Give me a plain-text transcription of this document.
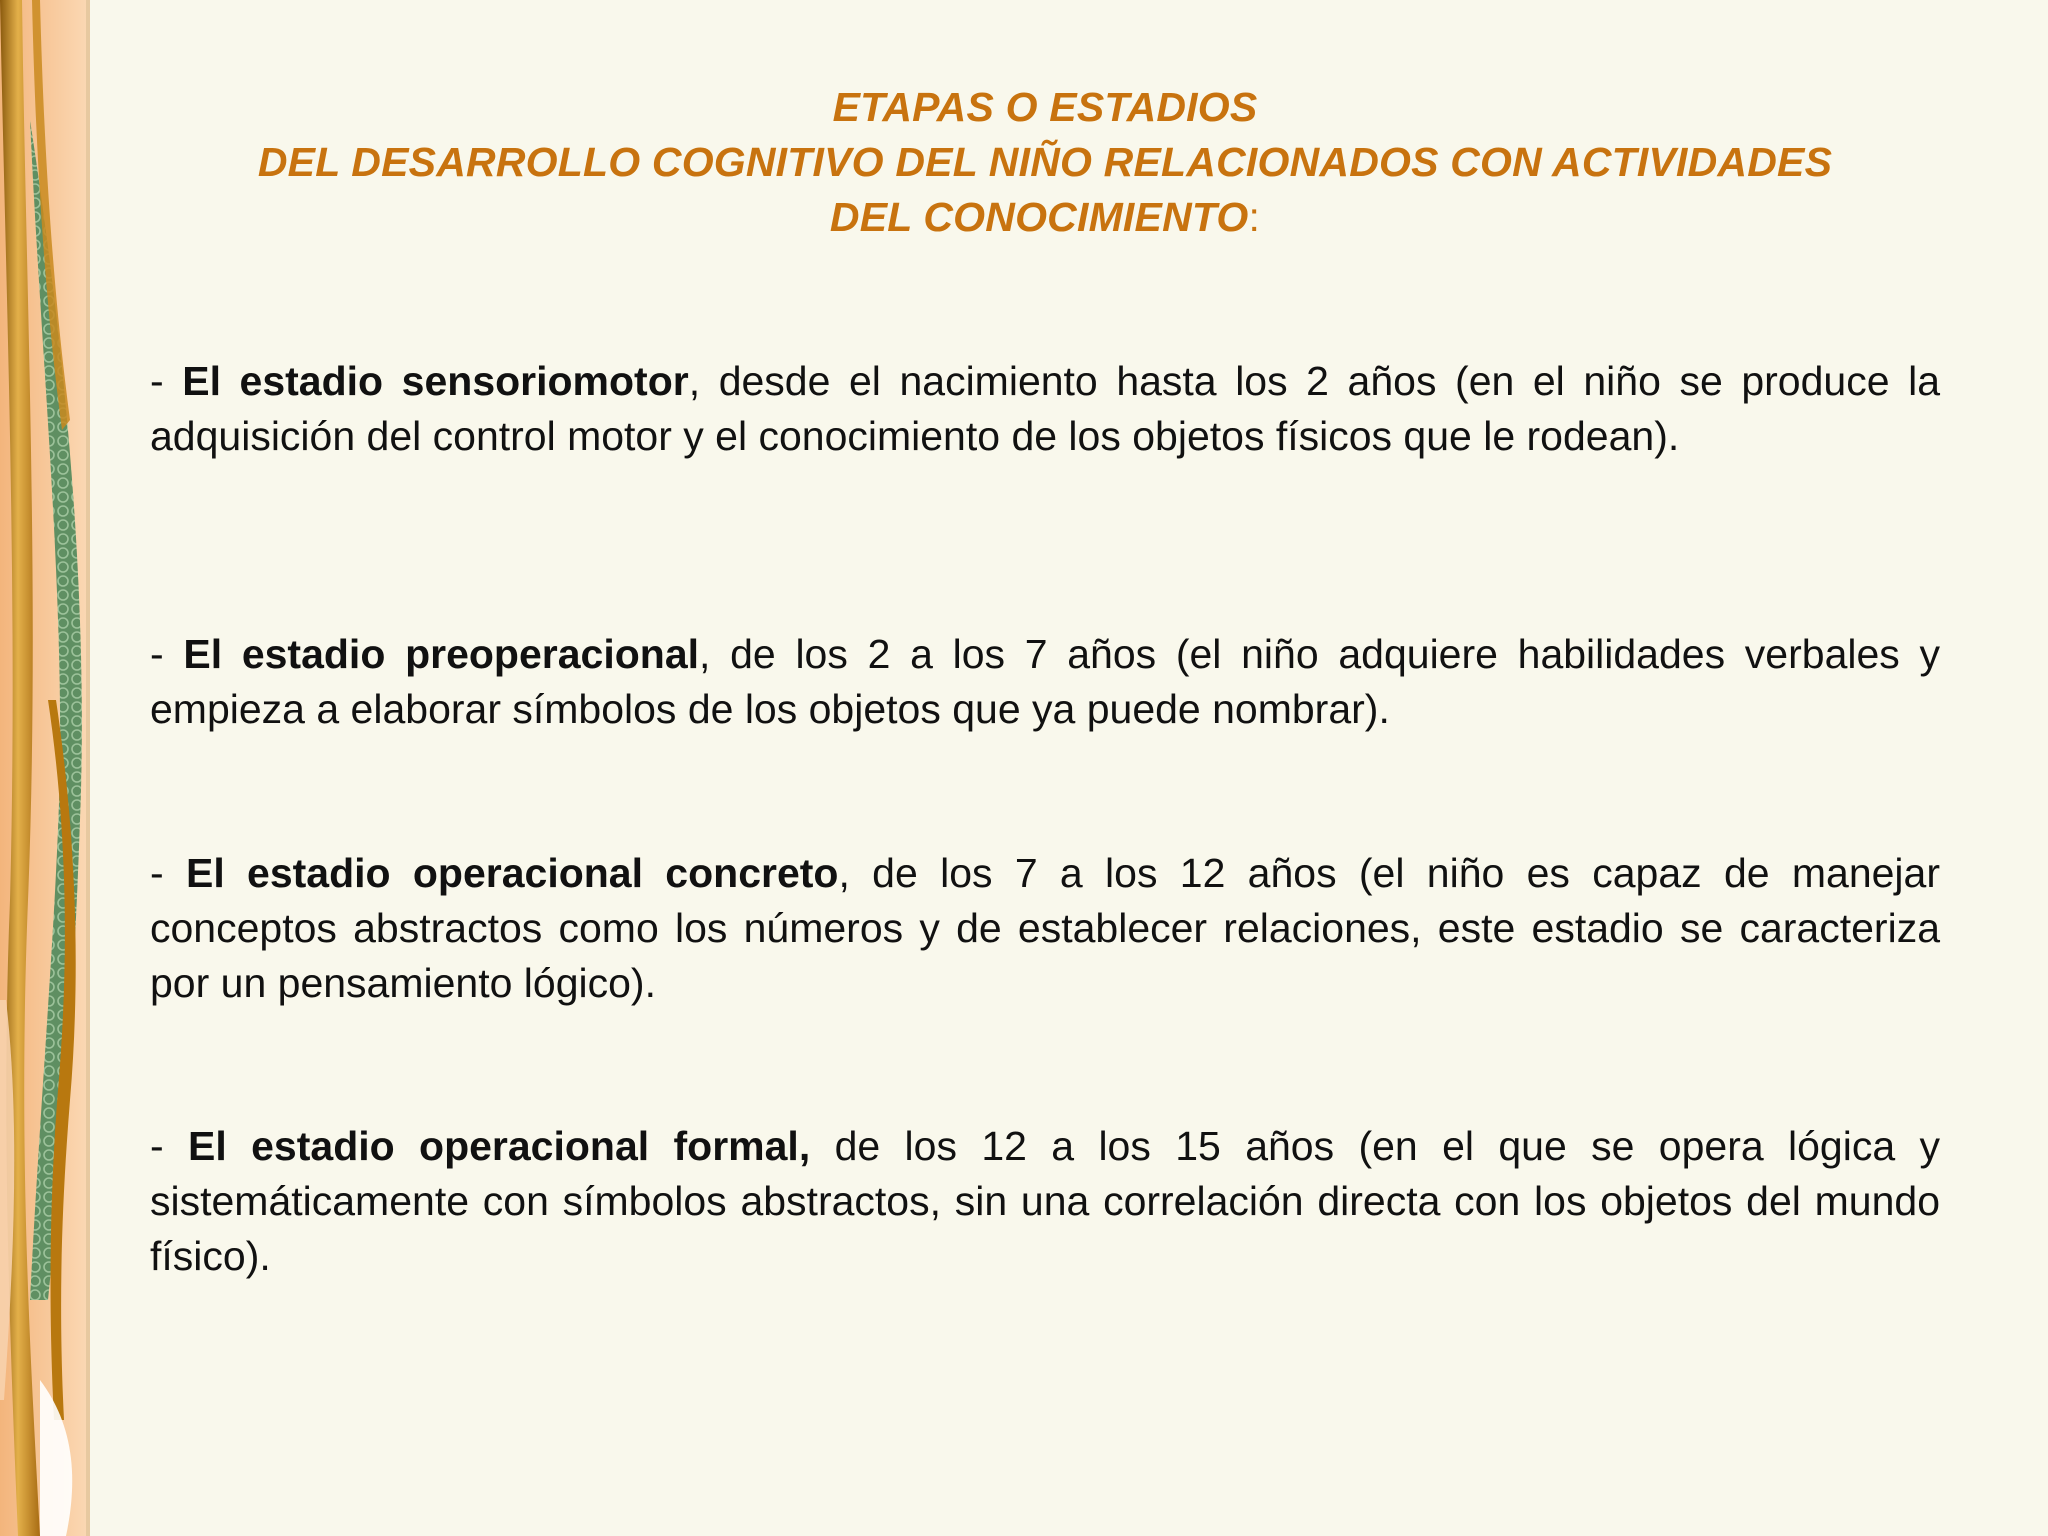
ETAPAS O ESTADIOS
DEL DESARROLLO COGNITIVO DEL NIÑO RELACIONADOS CON ACTIVIDADES
DEL CONOCIMIENTO:

- El estadio sensoriomotor, desde el nacimiento hasta los 2 años (en el niño se produce la adquisición del control motor y el conocimiento de los objetos físicos que le rodean).

- El estadio preoperacional, de los 2 a los 7 años (el niño adquiere habilidades verbales y empieza a elaborar símbolos de los objetos que ya puede nombrar).

- El estadio operacional concreto, de los 7 a los 12 años (el niño es capaz de manejar conceptos abstractos como los números y de establecer relaciones, este estadio se caracteriza por un pensamiento lógico).

- El estadio operacional formal, de los 12 a los 15 años (en el que se opera lógica y sistemáticamente con símbolos abstractos, sin una correlación directa con los objetos del mundo físico).
